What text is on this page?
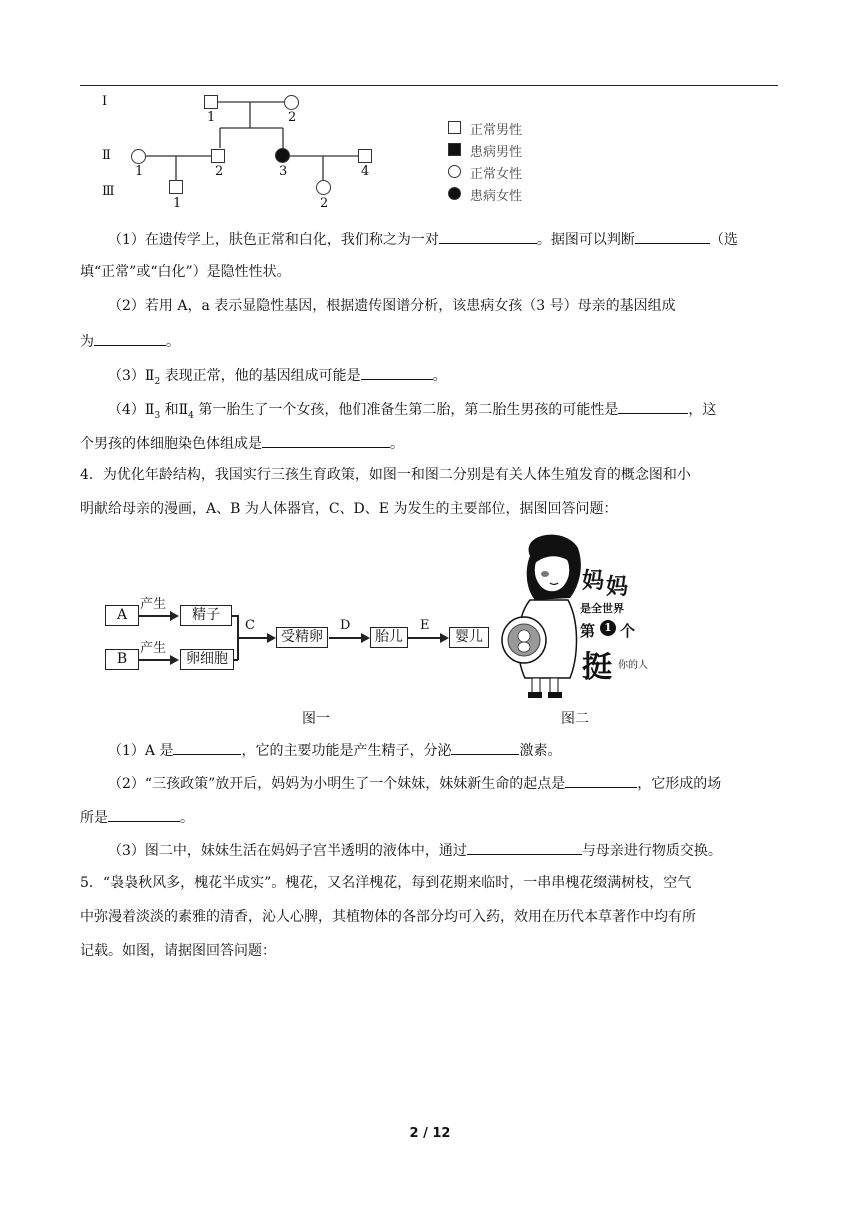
Ⅰ
Ⅱ
Ⅲ
1	2
1	2	3	4
1	2
正常男性
患病男性
正常女性
患病女性
（1）在遗传学上，肤色正常和白化，我们称之为一对	。据图可以判断	（选
填“正常”或“白化”）是隐性性状。
（2）若用 A，a 表示显隐性基因，根据遗传图谱分析，该患病女孩（3 号）母亲的基因组成
为	。
$(3)Ⅱ_2$ 表现正常，他的基因组成可能是	。
$(4)Ⅱ_3$ 和$Ⅱ_4$ 第一胎生了一个女孩，他们准备生第二胎，第二胎生男孩的可能性是	，这
个男孩的体细胞染色体组成是	。
4．为优化年龄结构，我国实行三孩生育政策，如图一和图二分别是有关人体生殖发育的概念图和小
明献给母亲的漫画，A、B 为人体器官，C、D、E 为发生的主要部位，据图回答问题：
A
B
产生
产生
精子
卵细胞
C
受精卵
D
胎儿
E
婴儿
妈 妈
是全世界
第 1 个
挺 你的人
图一	图二
（1）A 是	，它的主要功能是产生精子，分泌	激素。
（2）“三孩政策”放开后，妈妈为小明生了一个妹妹，妹妹新生命的起点是	，它形成的场
所是	。
（3）图二中，妹妹生活在妈妈子宫半透明的液体中，通过	与母亲进行物质交换。
5．“袅袅秋风多，槐花半成实”。槐花，又名洋槐花，每到花期来临时，一串串槐花缀满树枝，空气
中弥漫着淡淡的素雅的清香，沁人心脾，其植物体的各部分均可入药，效用在历代本草著作中均有所
记载。如图，请据图回答问题：
2 / 12
